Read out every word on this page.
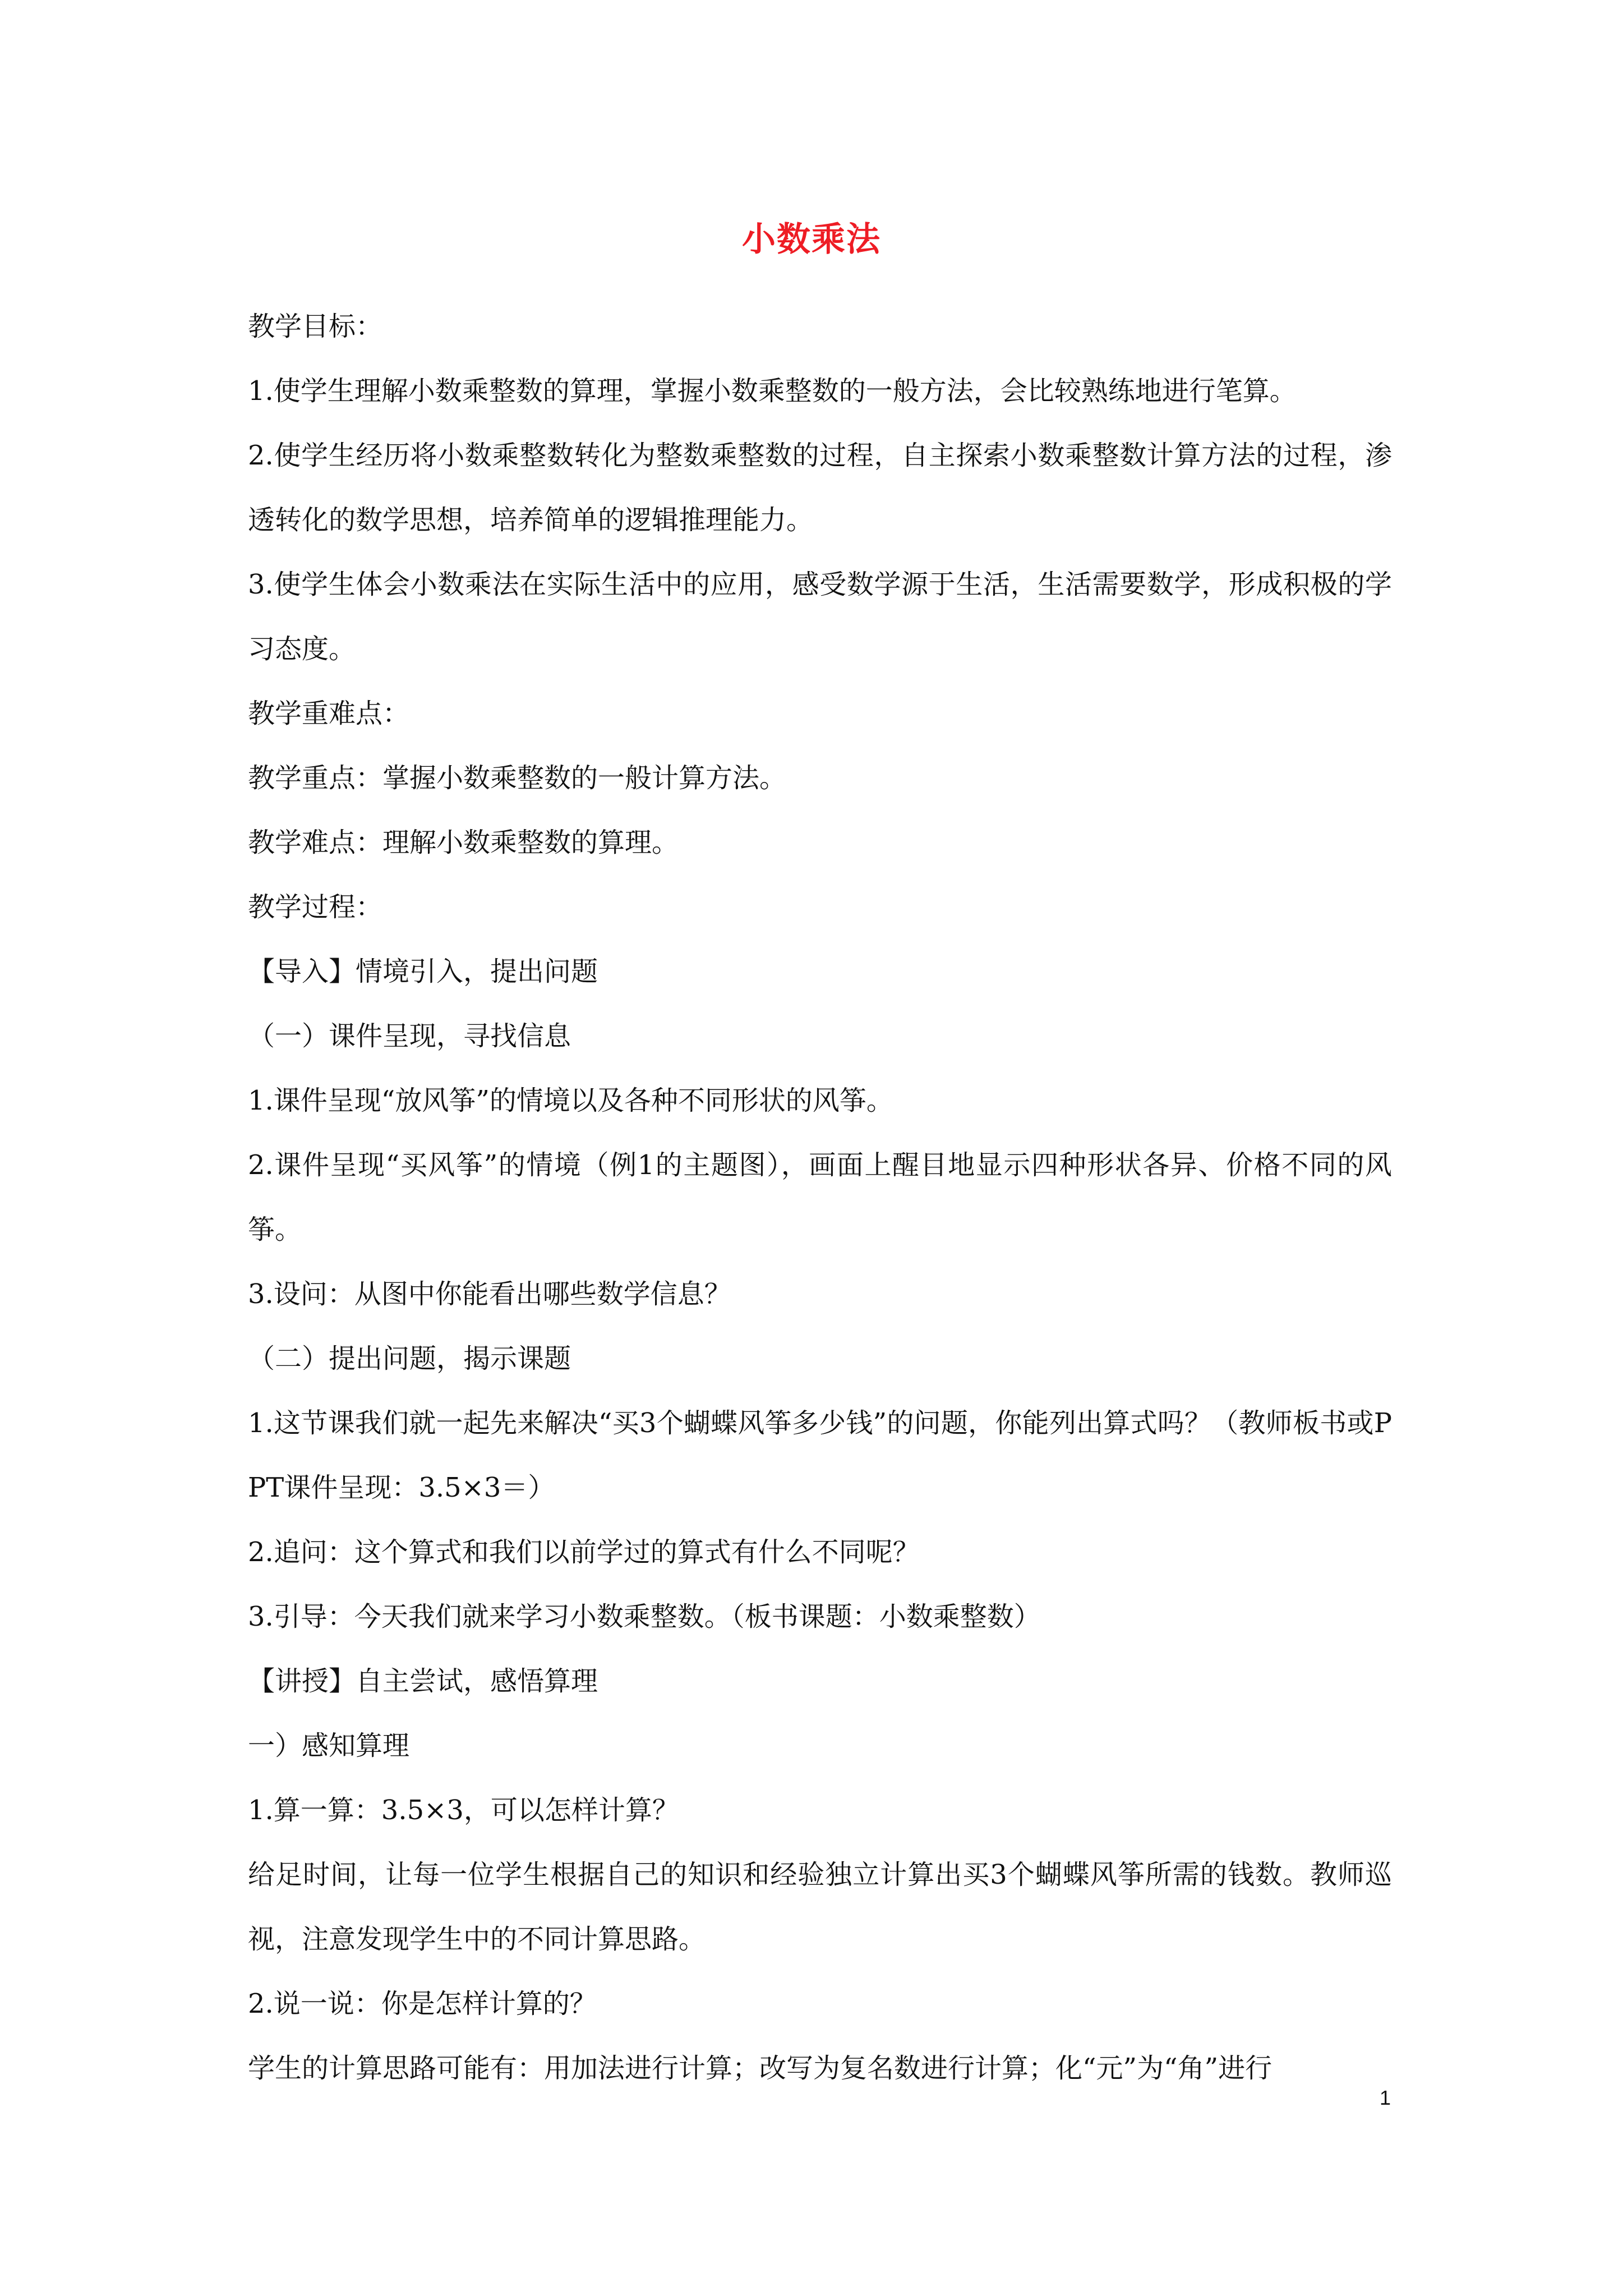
小数乘法

教学目标：

1.使学生理解小数乘整数的算理，掌握小数乘整数的一般方法，会比较熟练地进行笔算。

2.使学生经历将小数乘整数转化为整数乘整数的过程，自主探索小数乘整数计算方法的过程，渗透转化的数学思想，培养简单的逻辑推理能力。

3.使学生体会小数乘法在实际生活中的应用，感受数学源于生活，生活需要数学，形成积极的学习态度。

教学重难点：

教学重点：掌握小数乘整数的一般计算方法。

教学难点：理解小数乘整数的算理。

教学过程：

【导入】情境引入，提出问题

（一）课件呈现，寻找信息

1.课件呈现“放风筝”的情境以及各种不同形状的风筝。

2.课件呈现“买风筝”的情境（例1的主题图），画面上醒目地显示四种形状各异、价格不同的风筝。

3.设问：从图中你能看出哪些数学信息？

（二）提出问题，揭示课题

1.这节课我们就一起先来解决“买3个蝴蝶风筝多少钱”的问题，你能列出算式吗？（教师板书或PPT课件呈现：3.5×3＝）

2.追问：这个算式和我们以前学过的算式有什么不同呢？

3.引导：今天我们就来学习小数乘整数。（板书课题：小数乘整数）

【讲授】自主尝试，感悟算理

一）感知算理

1.算一算：3.5×3，可以怎样计算？

给足时间，让每一位学生根据自己的知识和经验独立计算出买3个蝴蝶风筝所需的钱数。教师巡视，注意发现学生中的不同计算思路。

2.说一说：你是怎样计算的？

学生的计算思路可能有：用加法进行计算；改写为复名数进行计算；化“元”为“角”进行

1
